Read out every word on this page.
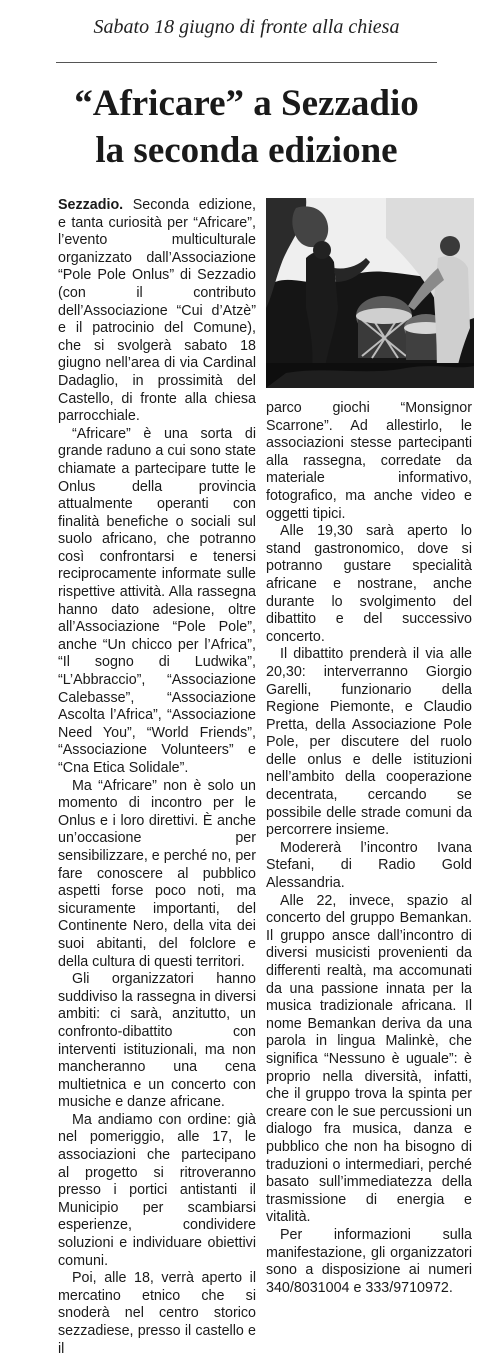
Sabato 18 giugno di fronte alla chiesa
“Africare” a Sezzadio
la seconda edizione

Sezzadio. Seconda edizione, e tanta curiosità per “Africare”, l’evento multiculturale organizzato dall’Associazione “Pole Pole Onlus” di Sezzadio (con il contributo dell’Associazione “Cui d’Atzè” e il patrocinio del Comune), che si svolgerà sabato 18 giugno nell’area di via Cardinal Dadaglio, in prossimità del Castello, di fronte alla chiesa parrocchiale.

“Africare” è una sorta di grande raduno a cui sono state chiamate a partecipare tutte le Onlus della provincia attualmente operanti con finalità benefiche o sociali sul suolo africano, che potranno così confrontarsi e tenersi reciprocamente informate sulle rispettive attività. Alla rassegna hanno dato adesione, oltre all’Associazione “Pole Pole”, anche “Un chicco per l’Africa”, “Il sogno di Ludwika”, “L’Abbraccio”, “Associazione Calebasse”, “Associazione Ascolta l’Africa”, “Associazione Need You”, “World Friends”, “Associazione Volunteers” e “Cna Etica Solidale”.

Ma “Africare” non è solo un momento di incontro per le Onlus e i loro direttivi. È anche un’occasione per sensibilizzare, e perché no, per fare conoscere al pubblico aspetti forse poco noti, ma sicuramente importanti, del Continente Nero, della vita dei suoi abitanti, del folclore e della cultura di questi territori.

Gli organizzatori hanno suddiviso la rassegna in diversi ambiti: ci sarà, anzitutto, un confronto-dibattito con interventi istituzionali, ma non mancheranno una cena multietnica e un concerto con musiche e danze africane.

Ma andiamo con ordine: già nel pomeriggio, alle 17, le associazioni che partecipano al progetto si ritroveranno presso i portici antistanti il Municipio per scambiarsi esperienze, condividere soluzioni e individuare obiettivi comuni.

Poi, alle 18, verrà aperto il mercatino etnico che si snoderà nel centro storico sezzadiese, presso il castello e il

parco giochi “Monsignor Scarrone”. Ad allestirlo, le associazioni stesse partecipanti alla rassegna, corredate da materiale informativo, fotografico, ma anche video e oggetti tipici.

Alle 19,30 sarà aperto lo stand gastronomico, dove si potranno gustare specialità africane e nostrane, anche durante lo svolgimento del dibattito e del successivo concerto.

Il dibattito prenderà il via alle 20,30: interverranno Giorgio Garelli, funzionario della Regione Piemonte, e Claudio Pretta, della Associazione Pole Pole, per discutere del ruolo delle onlus e delle istituzioni nell’ambito della cooperazione decentrata, cercando se possibile delle strade comuni da percorrere insieme.

Modererà l’incontro Ivana Stefani, di Radio Gold Alessandria.

Alle 22, invece, spazio al concerto del gruppo Bemankan. Il gruppo ansce dall’incontro di diversi musicisti provenienti da differenti realtà, ma accomunati da una passione innata per la musica tradizionale africana. Il nome Bemankan deriva da una parola in lingua Malinkè, che significa “Nessuno è uguale”: è proprio nella diversità, infatti, che il gruppo trova la spinta per creare con le sue percussioni un dialogo fra musica, danza e pubblico che non ha bisogno di traduzioni o intermediari, perché basato sull’immediatezza della trasmissione di energia e vitalità.

Per informazioni sulla manifestazione, gli organizzatori sono a disposizione ai numeri 340/8031004 e 333/9710972.
